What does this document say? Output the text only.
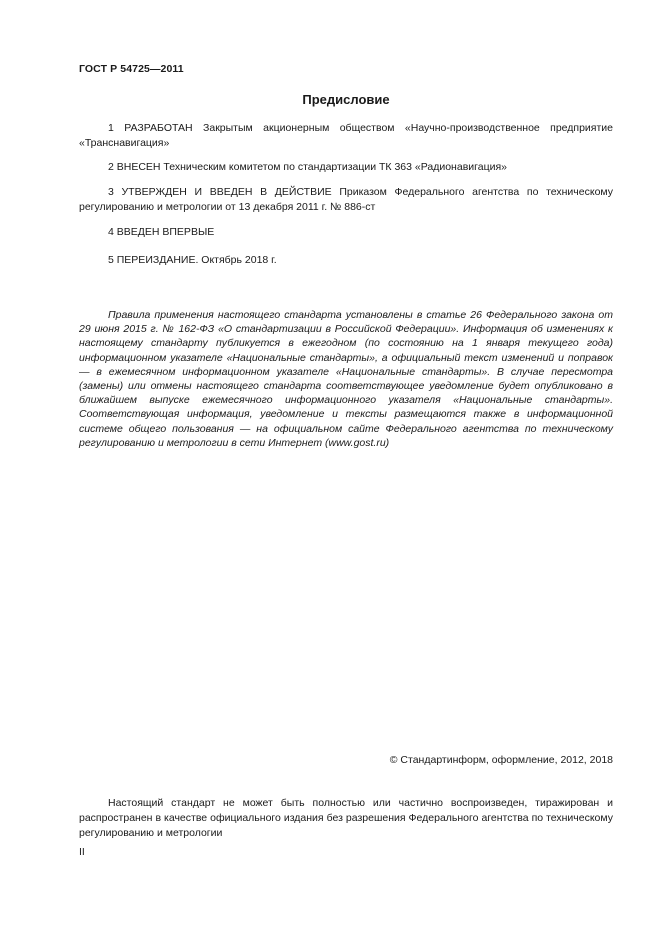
ГОСТ Р 54725—2011
Предисловие

1 РАЗРАБОТАН Закрытым акционерным обществом «Научно-производственное предприятие «Транснавигация»

2 ВНЕСЕН Техническим комитетом по стандартизации ТК 363 «Радионавигация»

3 УТВЕРЖДЕН И ВВЕДЕН В ДЕЙСТВИЕ Приказом Федерального агентства по техническому регулированию и метрологии от 13 декабря 2011 г. № 886-ст

4 ВВЕДЕН ВПЕРВЫЕ

5 ПЕРЕИЗДАНИЕ. Октябрь 2018 г.

Правила применения настоящего стандарта установлены в статье 26 Федерального закона от 29 июня 2015 г. № 162-ФЗ «О стандартизации в Российской Федерации». Информация об изменениях к настоящему стандарту публикуется в ежегодном (по состоянию на 1 января текущего года) информационном указателе «Национальные стандарты», а официальный текст изменений и поправок — в ежемесячном информационном указателе «Национальные стандарты». В случае пересмотра (замены) или отмены настоящего стандарта соответствующее уведомление будет опубликовано в ближайшем выпуске ежемесячного информационного указателя «Национальные стандарты». Соответствующая информация, уведомление и тексты размещаются также в информационной системе общего пользования — на официальном сайте Федерального агентства по техническому регулированию и метрологии в сети Интернет (www.gost.ru)

© Стандартинформ, оформление, 2012, 2018

Настоящий стандарт не может быть полностью или частично воспроизведен, тиражирован и распространен в качестве официального издания без разрешения Федерального агентства по техническому регулированию и метрологии

II
